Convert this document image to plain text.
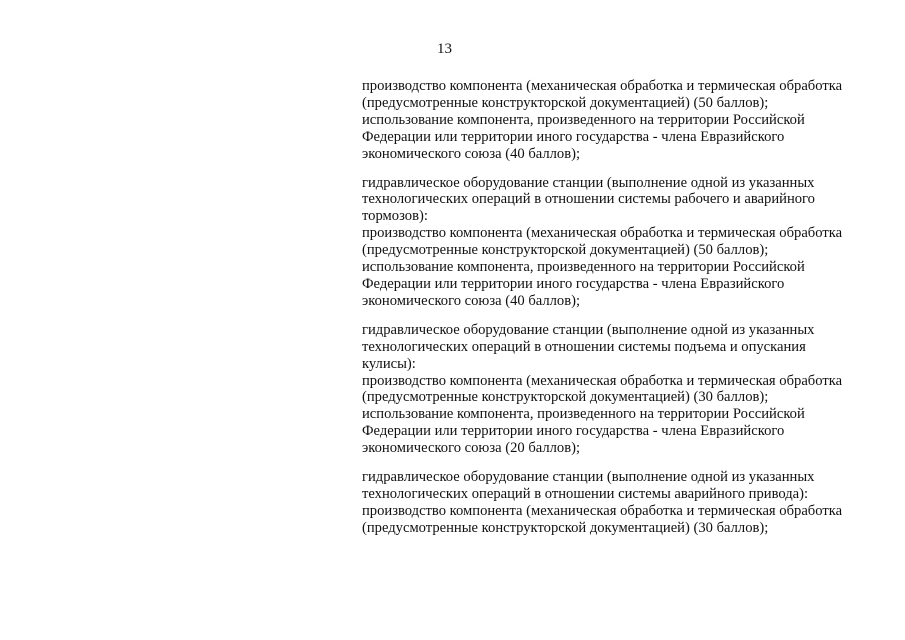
13

производство компонента (механическая обработка и термическая обработка
(предусмотренные конструкторской документацией) (50 баллов);
использование компонента, произведенного на территории Российской
Федерации или территории иного государства - члена Евразийского
экономического союза (40 баллов);

гидравлическое оборудование станции (выполнение одной из указанных
технологических операций в отношении системы рабочего и аварийного
тормозов):
производство компонента (механическая обработка и термическая обработка
(предусмотренные конструкторской документацией) (50 баллов);
использование компонента, произведенного на территории Российской
Федерации или территории иного государства - члена Евразийского
экономического союза (40 баллов);

гидравлическое оборудование станции (выполнение одной из указанных
технологических операций в отношении системы подъема и опускания
кулисы):
производство компонента (механическая обработка и термическая обработка
(предусмотренные конструкторской документацией) (30 баллов);
использование компонента, произведенного на территории Российской
Федерации или территории иного государства - члена Евразийского
экономического союза (20 баллов);

гидравлическое оборудование станции (выполнение одной из указанных
технологических операций в отношении системы аварийного привода):
производство компонента (механическая обработка и термическая обработка
(предусмотренные конструкторской документацией) (30 баллов);
